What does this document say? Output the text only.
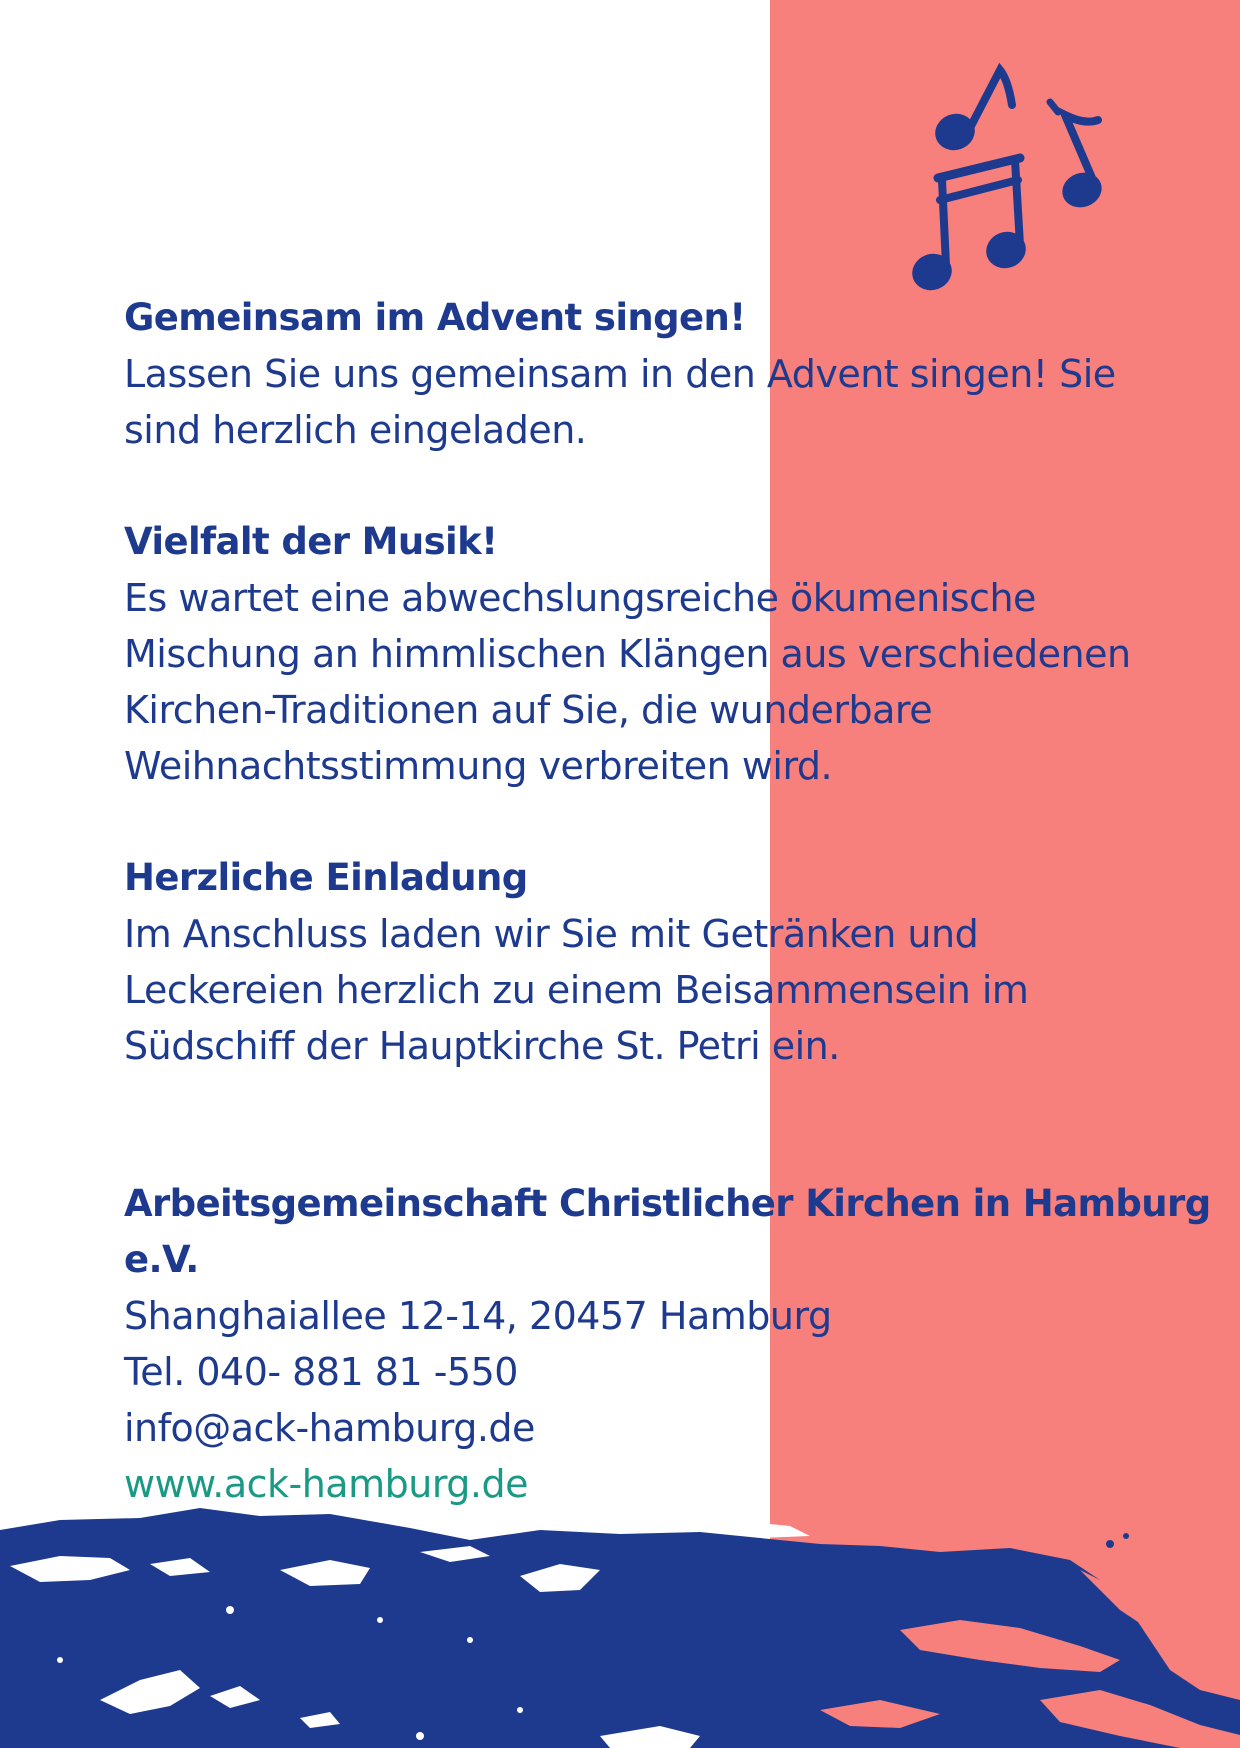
Gemeinsam im Advent singen!
Lassen Sie uns gemeinsam in den Advent singen! Sie
sind herzlich eingeladen.
Vielfalt der Musik!
Es wartet eine abwechslungsreiche ökumenische
Mischung an himmlischen Klängen aus verschiedenen
Kirchen-Traditionen auf Sie, die wunderbare
Weihnachtsstimmung verbreiten wird.
Herzliche Einladung
Im Anschluss laden wir Sie mit Getränken und
Leckereien herzlich zu einem Beisammensein im
Südschiff der Hauptkirche St. Petri ein.
Arbeitsgemeinschaft Christlicher Kirchen in Hamburg e.V.
Shanghaiallee 12-14, 20457 Hamburg
Tel. 040- 881 81 -550
info@ack-hamburg.de
www.ack-hamburg.de
